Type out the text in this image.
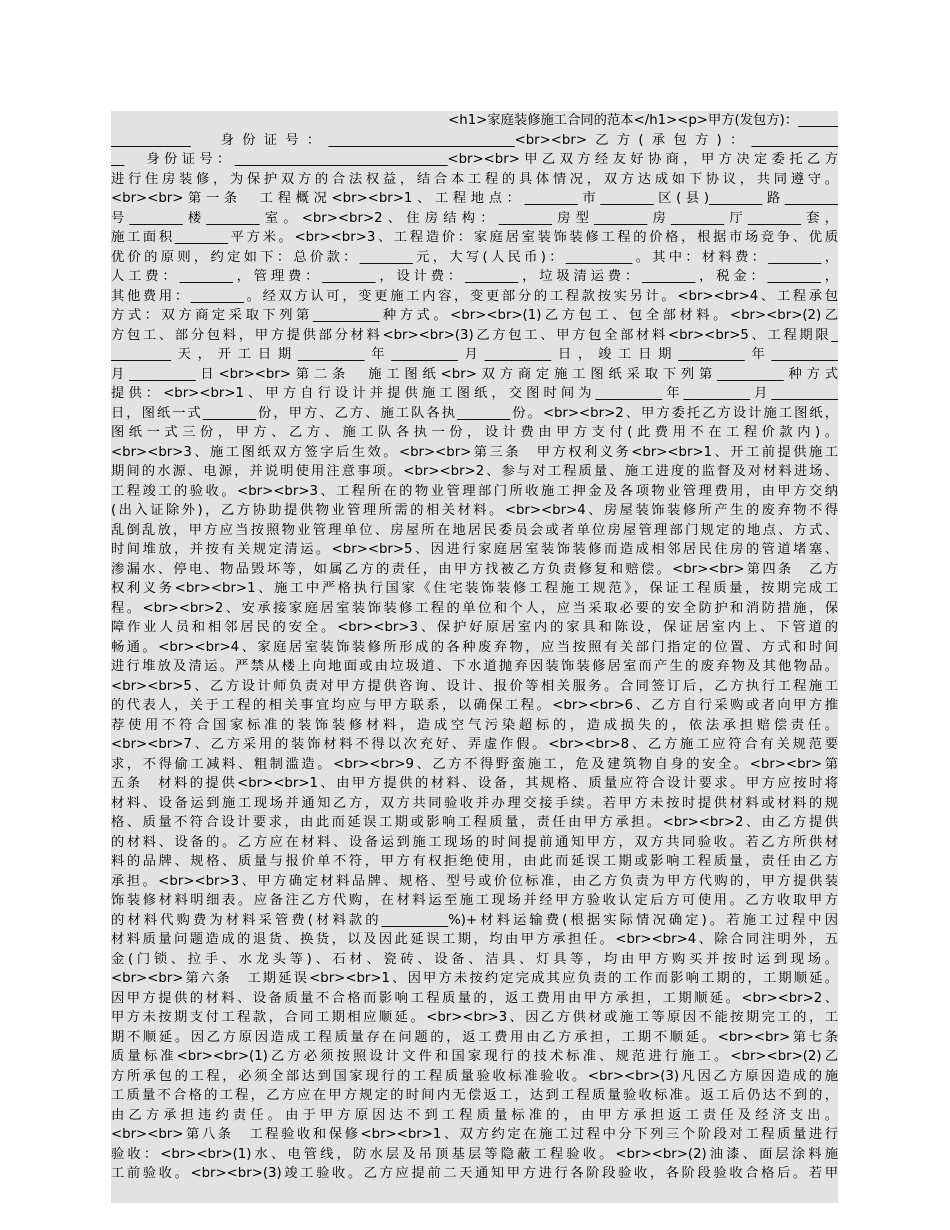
<h1>家庭装修施工合同的范本</h1><p>甲方(发包方)：______
____________　身份证号：____________________________<br><br>乙方(承包方)：_____________
__　身份证号：________________________________<br><br>甲乙双方经友好协商，甲方决定委托乙方
进行住房装修，为保护双方的合法权益，结合本工程的具体情况，双方达成如下协议，共同遵守。
<br><br>第一条　工程概况<br><br>1、工程地点：________市________区(县)________路________
号________楼________室。<br><br>2、住房结构：________房型________房________厅________套，
施工面积________平方米。<br><br>3、工程造价：家庭居室装饰装修工程的价格，根据市场竞争、优质
优价的原则，约定如下：总价款：________元，大写(人民币)：__________。其中：材料费：________，
人工费：________，管理费：________，设计费：________，垃圾清运费：________，税金：________，
其他费用：________。经双方认可，变更施工内容，变更部分的工程款按实另计。<br><br>4、工程承包
方式：双方商定采取下列第__________种方式。<br><br>(1)乙方包工、包全部材料。<br><br>(2)乙
方包工、部分包料，甲方提供部分材料<br><br>(3)乙方包工、甲方包全部材料<br><br>5、工程期限_
_________天，开工日期__________年__________月__________日，竣工日期__________年__________
月__________日<br><br>第二条　施工图纸<br>双方商定施工图纸采取下列第__________种方式
提供：<br><br>1、甲方自行设计并提供施工图纸，交图时间为__________年__________月__________
日，图纸一式________份，甲方、乙方、施工队各执________份。<br><br>2、甲方委托乙方设计施工图纸，
图纸一式三份，甲方、乙方、施工队各执一份，设计费由甲方支付(此费用不在工程价款内)。
<br><br>3、施工图纸双方签字后生效。<br><br>第三条　甲方权利义务<br><br>1、开工前提供施工
期间的水源、电源，并说明使用注意事项。<br><br>2、参与对工程质量、施工进度的监督及对材料进场、
工程竣工的验收。<br><br>3、工程所在的物业管理部门所收施工押金及各项物业管理费用，由甲方交纳
(出入证除外)，乙方协助提供物业管理所需的相关材料。<br><br>4、房屋装饰装修所产生的废弃物不得
乱倒乱放，甲方应当按照物业管理单位、房屋所在地居民委员会或者单位房屋管理部门规定的地点、方式、
时间堆放，并按有关规定清运。<br><br>5、因进行家庭居室装饰装修而造成相邻居民住房的管道堵塞、
渗漏水、停电、物品毁坏等，如属乙方的责任，由甲方找被乙方负责修复和赔偿。<br><br>第四条　乙方
权利义务<br><br>1、施工中严格执行国家《住宅装饰装修工程施工规范》，保证工程质量，按期完成工
程。<br><br>2、安承接家庭居室装饰装修工程的单位和个人，应当采取必要的安全防护和消防措施，保
障作业人员和相邻居民的安全。<br><br>3、保护好原居室内的家具和陈设，保证居室内上、下管道的
畅通。<br><br>4、家庭居室装饰装修所形成的各种废弃物，应当按照有关部门指定的位置、方式和时间
进行堆放及清运。严禁从楼上向地面或由垃圾道、下水道抛弃因装饰装修居室而产生的废弃物及其他物品。
<br><br>5、乙方设计师负责对甲方提供咨询、设计、报价等相关服务。合同签订后，乙方执行工程施工
的代表人，关于工程的相关事宜均应与甲方联系，以确保工程。<br><br>6、乙方自行采购或者向甲方推
荐使用不符合国家标准的装饰装修材料，造成空气污染超标的，造成损失的，依法承担赔偿责任。
<br><br>7、乙方采用的装饰材料不得以次充好、弄虚作假。<br><br>8、乙方施工应符合有关规范要
求，不得偷工减料、粗制滥造。<br><br>9、乙方不得野蛮施工，危及建筑物自身的安全。<br><br>第
五条　材料的提供<br><br>1、由甲方提供的材料、设备，其规格、质量应符合设计要求。甲方应按时将
材料、设备运到施工现场并通知乙方，双方共同验收并办理交接手续。若甲方未按时提供材料或材料的规
格、质量不符合设计要求，由此而延误工期或影响工程质量，责任由甲方承担。<br><br>2、由乙方提供
的材料、设备的。乙方应在材料、设备运到施工现场的时间提前通知甲方，双方共同验收。若乙方所供材
料的品牌、规格、质量与报价单不符，甲方有权拒绝使用，由此而延误工期或影响工程质量，责任由乙方
承担。<br><br>3、甲方确定材料品牌、规格、型号或价位标准，由乙方负责为甲方代购的，甲方提供装
饰装修材料明细表。应备注乙方代购，在材料运至施工现场并经甲方验收认定后方可使用。乙方收取甲方
的材料代购费为材料采管费(材料款的__________%)+材料运输费(根据实际情况确定)。若施工过程中因
材料质量问题造成的退货、换货，以及因此延误工期，均由甲方承担任。<br><br>4、除合同注明外，五
金(门锁、拉手、水龙头等)、石材、瓷砖、设备、洁具、灯具等，均由甲方购买并按时运到现场。
<br><br>第六条　工期延误<br><br>1、因甲方未按约定完成其应负责的工作而影响工期的，工期顺延。
因甲方提供的材料、设备质量不合格而影响工程质量的，返工费用由甲方承担，工期顺延。<br><br>2、
甲方未按期支付工程款，合同工期相应顺延。<br><br>3、因乙方供材或施工等原因不能按期完工的，工
期不顺延。因乙方原因造成工程质量存在问题的，返工费用由乙方承担，工期不顺延。<br><br>第七条
质量标准<br><br>(1)乙方必须按照设计文件和国家现行的技术标准、规范进行施工。<br><br>(2)乙
方所承包的工程，必须全部达到国家现行的工程质量验收标准验收。<br><br>(3)凡因乙方原因造成的施
工质量不合格的工程，乙方应在甲方规定的时间内无偿返工，达到工程质量验收标准。返工后仍达不到的，
由乙方承担违约责任。由于甲方原因达不到工程质量标准的，由甲方承担返工责任及经济支出。
<br><br>第八条　工程验收和保修<br><br>1、双方约定在施工过程中分下列三个阶段对工程质量进行
验收：<br><br>(1)水、电管线，防水层及吊顶基层等隐蔽工程验收。<br><br>(2)油漆、面层涂料施
工前验收。<br><br>(3)竣工验收。乙方应提前二天通知甲方进行各阶段验收，各阶段验收合格后。若甲
